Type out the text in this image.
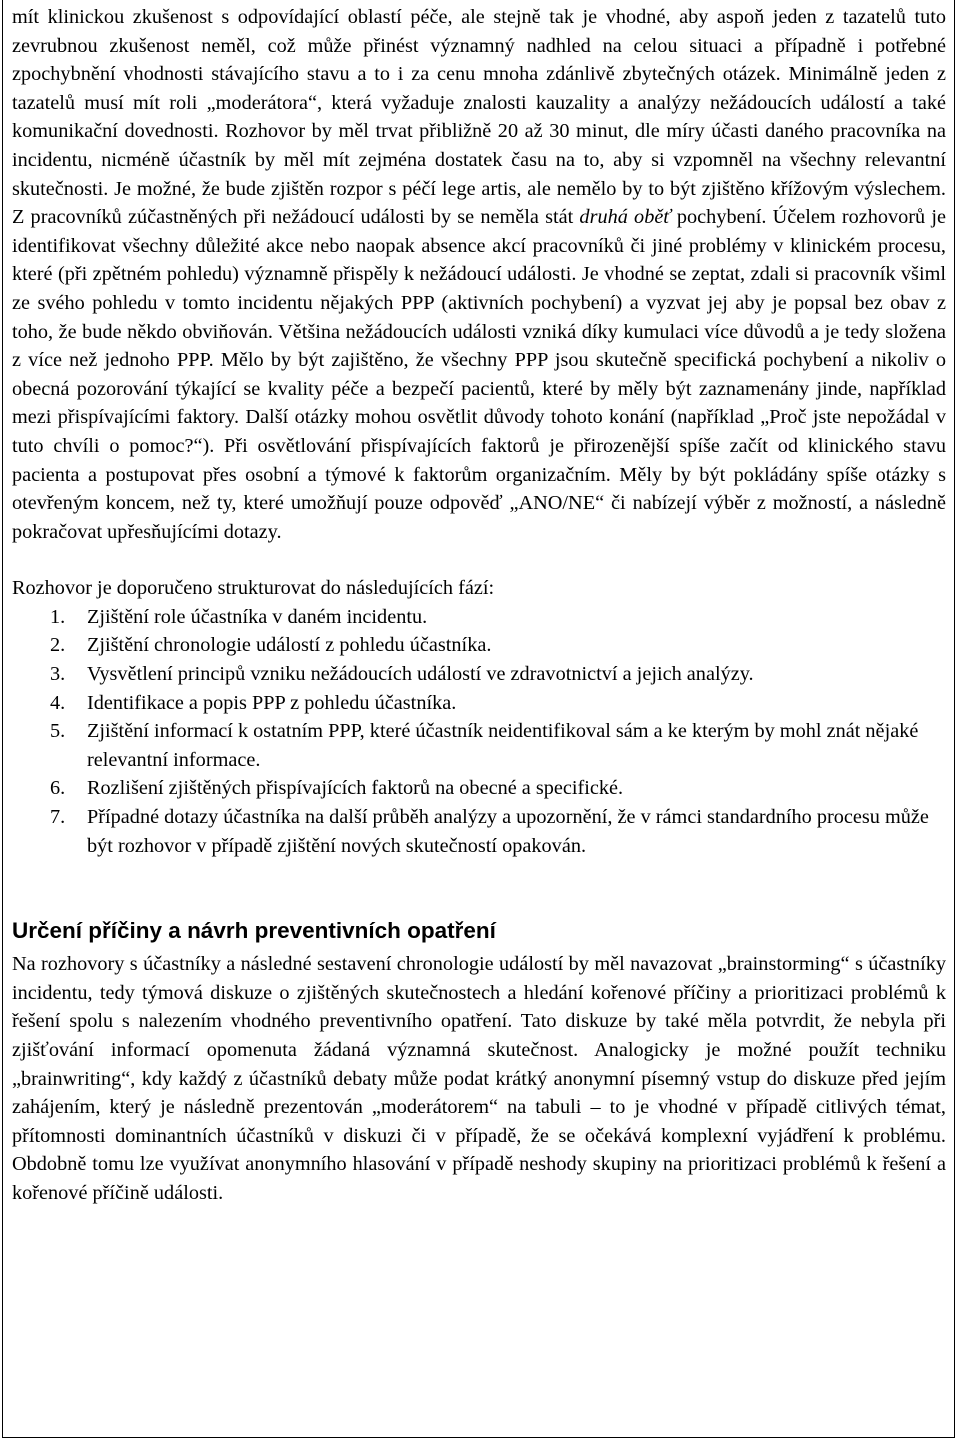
mít klinickou zkušenost s odpovídající oblastí péče, ale stejně tak je vhodné, aby aspoň jeden z tazatelů tuto zevrubnou zkušenost neměl, což může přinést významný nadhled na celou situaci a případně i potřebné zpochybnění vhodnosti stávajícího stavu a to i za cenu mnoha zdánlivě zbytečných otázek. Minimálně jeden z tazatelů musí mít roli „moderátora“, která vyžaduje znalosti kauzality a analýzy nežádoucích událostí a také komunikační dovednosti. Rozhovor by měl trvat přibližně 20 až 30 minut, dle míry účasti daného pracovníka na incidentu, nicméně účastník by měl mít zejména dostatek času na to, aby si vzpomněl na všechny relevantní skutečnosti. Je možné, že bude zjištěn rozpor s péčí lege artis, ale nemělo by to být zjištěno křížovým výslechem. Z pracovníků zúčastněných při nežádoucí události by se neměla stát druhá oběť pochybení. Účelem rozhovorů je identifikovat všechny důležité akce nebo naopak absence akcí pracovníků či jiné problémy v klinickém procesu, které (při zpětném pohledu) významně přispěly k nežádoucí události. Je vhodné se zeptat, zdali si pracovník všiml ze svého pohledu v tomto incidentu nějakých PPP (aktivních pochybení) a vyzvat jej aby je popsal bez obav z toho, že bude někdo obviňován. Většina nežádoucích události vzniká díky kumulaci více důvodů a je tedy složena z více než jednoho PPP. Mělo by být zajištěno, že všechny PPP jsou skutečně specifická pochybení a nikoliv o obecná pozorování týkající se kvality péče a bezpečí pacientů, které by měly být zaznamenány jinde, například mezi přispívajícími faktory. Další otázky mohou osvětlit důvody tohoto konání (například „Proč jste nepožádal v tuto chvíli o pomoc?“). Při osvětlování přispívajících faktorů je přirozenější spíše začít od klinického stavu pacienta a postupovat přes osobní a týmové k faktorům organizačním. Měly by být pokládány spíše otázky s otevřeným koncem, než ty, které umožňují pouze odpověď „ANO/NE“ či nabízejí výběr z možností, a následně pokračovat upřesňujícími dotazy.

Rozhovor je doporučeno strukturovat do následujících fází:

1. Zjištění role účastníka v daném incidentu.
2. Zjištění chronologie událostí z pohledu účastníka.
3. Vysvětlení principů vzniku nežádoucích událostí ve zdravotnictví a jejich analýzy.
4. Identifikace a popis PPP z pohledu účastníka.
5. Zjištění informací k ostatním PPP, které účastník neidentifikoval sám a ke kterým by mohl znát nějaké relevantní informace.
6. Rozlišení zjištěných přispívajících faktorů na obecné a specifické.
7. Případné dotazy účastníka na další průběh analýzy a upozornění, že v rámci standardního procesu může být rozhovor v případě zjištění nových skutečností opakován.
Určení příčiny a návrh preventivních opatření

Na rozhovory s účastníky a následné sestavení chronologie událostí by měl navazovat „brainstorming“ s účastníky incidentu, tedy týmová diskuze o zjištěných skutečnostech a hledání kořenové příčiny a prioritizaci problémů k řešení spolu s nalezením vhodného preventivního opatření. Tato diskuze by také měla potvrdit, že nebyla při zjišťování informací opomenuta žádaná významná skutečnost. Analogicky je možné použít techniku „brainwriting“, kdy každý z účastníků debaty může podat krátký anonymní písemný vstup do diskuze před jejím zahájením, který je následně prezentován „moderátorem“ na tabuli – to je vhodné v případě citlivých témat, přítomnosti dominantních účastníků v diskuzi či v případě, že se očekává komplexní vyjádření k problému. Obdobně tomu lze využívat anonymního hlasování v případě neshody skupiny na prioritizaci problémů k řešení a kořenové příčině události.
